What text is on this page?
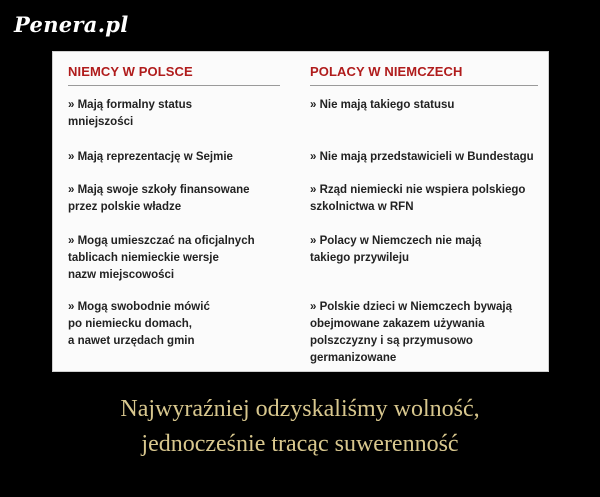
Penera.pl
NIEMCY W POLSCE
» Mają formalny status
mniejszości
» Mają reprezentację w Sejmie
» Mają swoje szkoły finansowane
przez polskie władze
» Mogą umieszczać na oficjalnych
tablicach niemieckie wersje
nazw miejscowości
» Mogą swobodnie mówić
po niemiecku domach,
a nawet urzędach gmin
POLACY W NIEMCZECH
» Nie mają takiego statusu
» Nie mają przedstawicieli w Bundestagu
» Rząd niemiecki nie wspiera polskiego
szkolnictwa w RFN
» Polacy w Niemczech nie mają
takiego przywileju
» Polskie dzieci w Niemczech bywają
obejmowane zakazem używania
polszczyzny i są przymusowo
germanizowane
Najwyraźniej odzyskaliśmy wolność,
jednocześnie tracąc suwerenność
